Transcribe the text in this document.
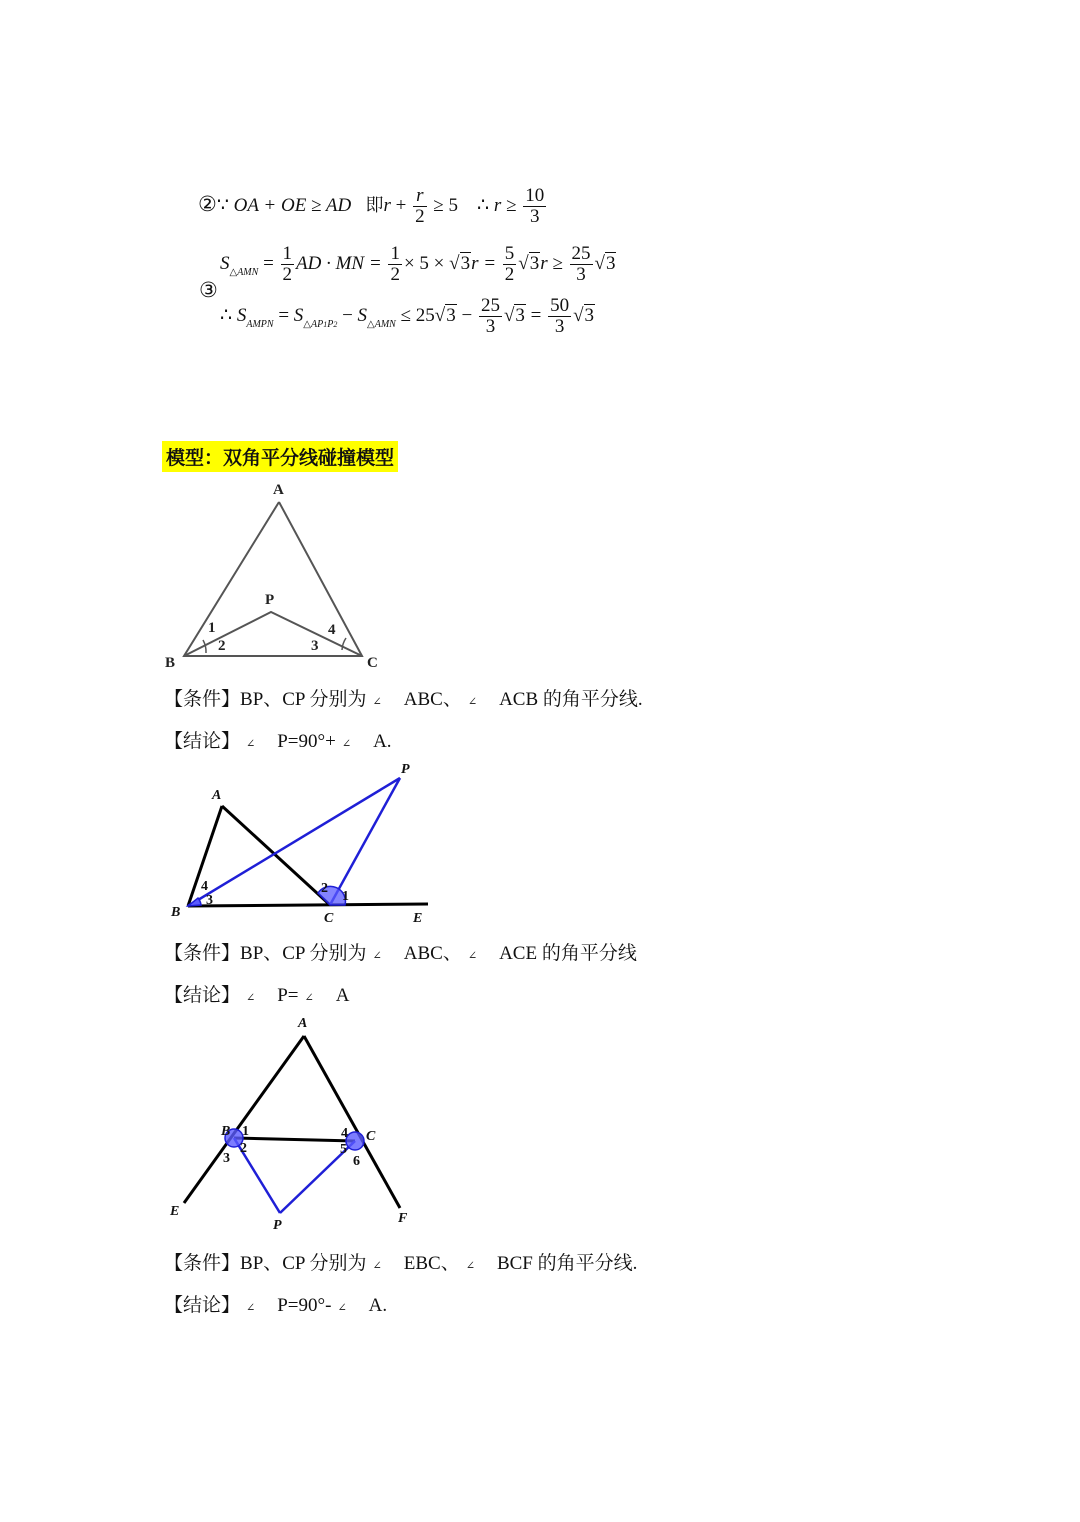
②∵ OA + OE ≥ AD 即$r + \frac{r}{2} \ge 5$ ∴ $r \ge \frac{10}{3}$
③
$S_{\triangle AMN} = \frac{1}{2}$ AD · MN = $\frac{1}{2} \times 5 \times √3r = \frac{5}{2} √3r \ge \frac{25}{3} √3$
∴ $S_{AMPN} = S_{\triangle AP1P2} - S_{\triangle AMN} \le 25√3 - \frac{25}{3} √3 = \frac{50}{3} √3$
模型：双角平分线碰撞模型
A
B	C
P
1
2	3
4
【条件】BP、CP 分别为 ∠ ABC、 ∠ ACB 的角平分线.
【结论】 ∠ P=90°+ ∠ A.
A
P
B	C	E
4
3
2
1
【条件】BP、CP 分别为 ∠ ABC、 ∠ ACE 的角平分线
【结论】 ∠ P= ∠ A
A
B	C
E	F
P
1
2
3
4
5
6
【条件】BP、CP 分别为 ∠ EBC、 ∠ BCF 的角平分线.
【结论】 ∠ P=90°- ∠ A.
